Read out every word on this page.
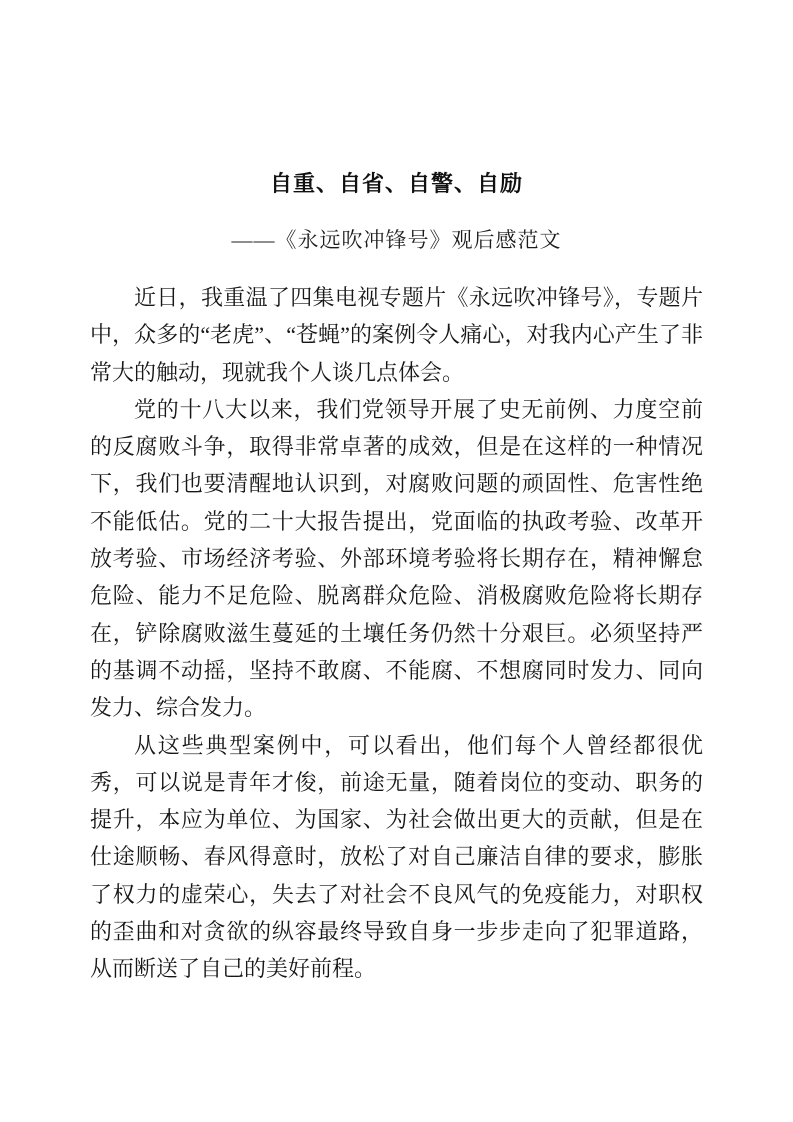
自重、自省、自警、自励
——《永远吹冲锋号》观后感范文

近日，我重温了四集电视专题片《永远吹冲锋号》，专题片中，众多的“老虎”、“苍蝇”的案例令人痛心，对我内心产生了非常大的触动，现就我个人谈几点体会。

党的十八大以来，我们党领导开展了史无前例、力度空前的反腐败斗争，取得非常卓著的成效，但是在这样的一种情况下，我们也要清醒地认识到，对腐败问题的顽固性、危害性绝不能低估。党的二十大报告提出，党面临的执政考验、改革开放考验、市场经济考验、外部环境考验将长期存在，精神懈怠危险、能力不足危险、脱离群众危险、消极腐败危险将长期存在，铲除腐败滋生蔓延的土壤任务仍然十分艰巨。必须坚持严的基调不动摇，坚持不敢腐、不能腐、不想腐同时发力、同向发力、综合发力。

从这些典型案例中，可以看出，他们每个人曾经都很优秀，可以说是青年才俊，前途无量，随着岗位的变动、职务的提升，本应为单位、为国家、为社会做出更大的贡献，但是在仕途顺畅、春风得意时，放松了对自己廉洁自律的要求，膨胀了权力的虚荣心，失去了对社会不良风气的免疫能力，对职权的歪曲和对贪欲的纵容最终导致自身一步步走向了犯罪道路，从而断送了自己的美好前程。
